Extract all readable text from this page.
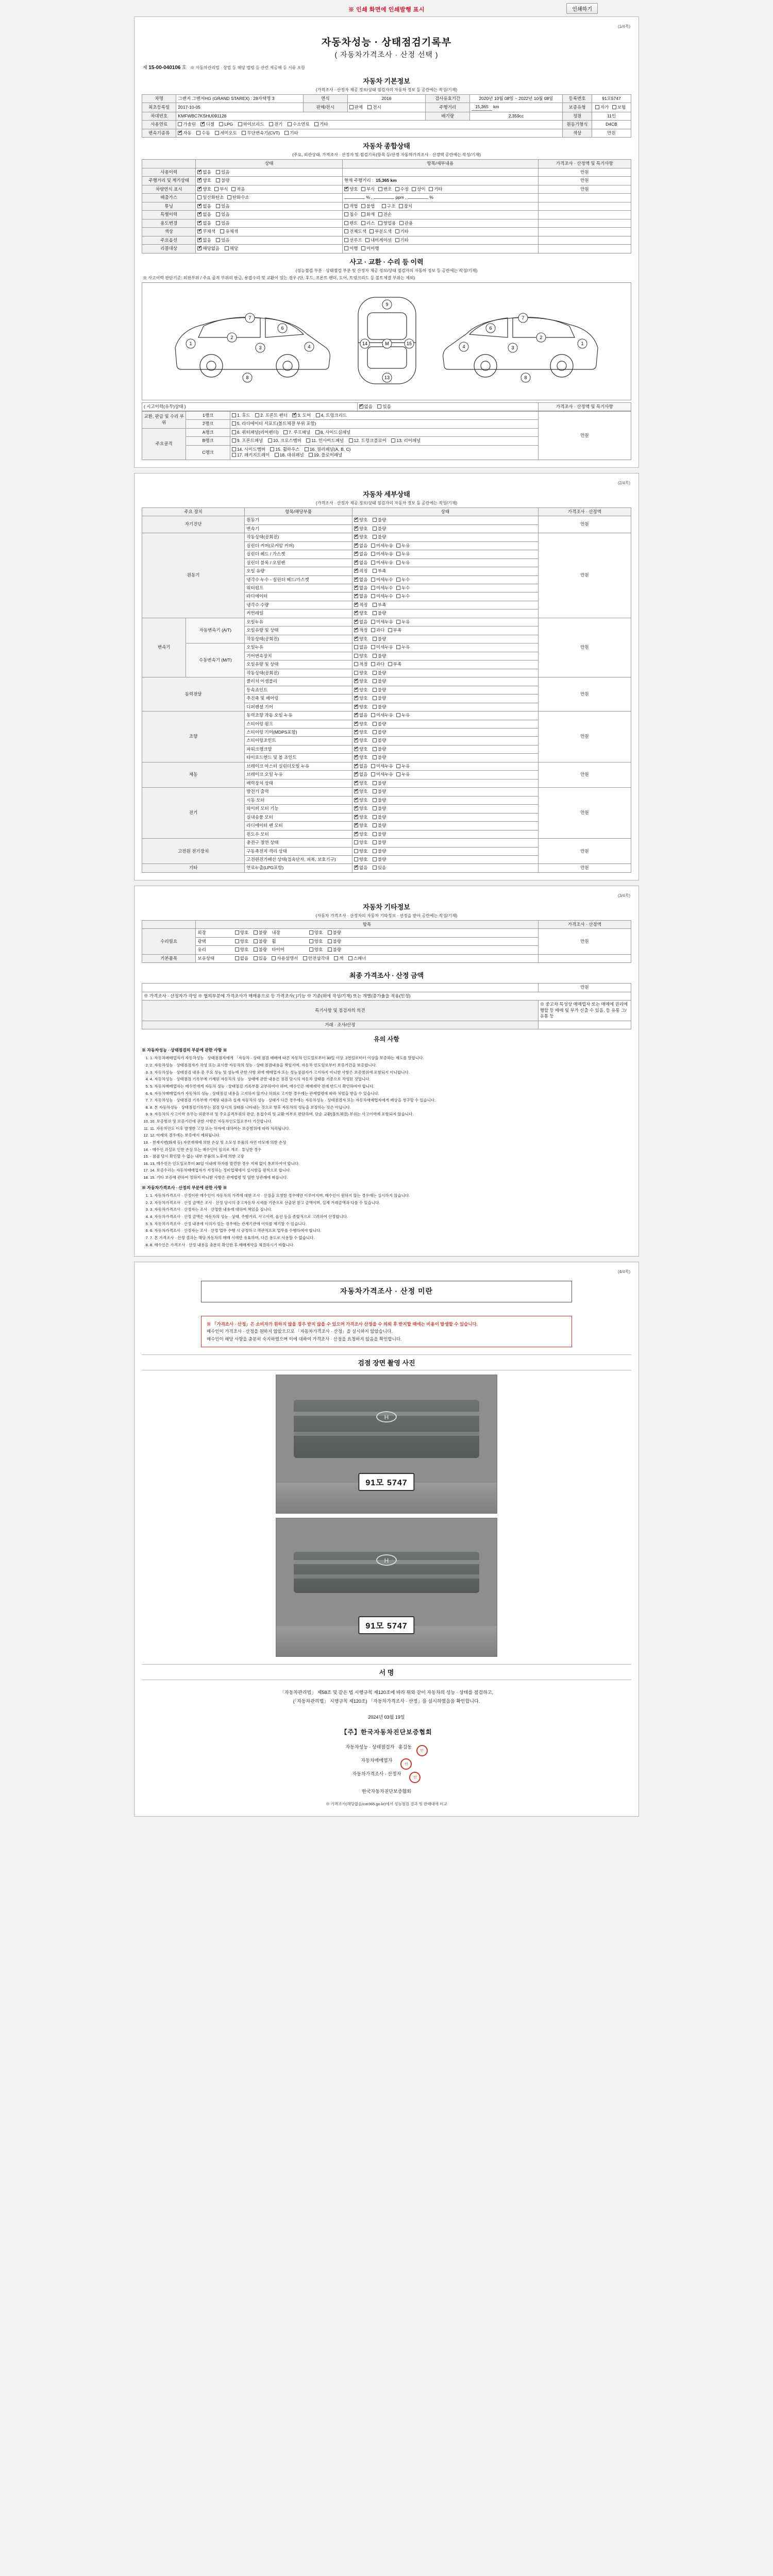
※ 인쇄 화면에 인쇄발행 표시	인쇄하기
(1/4쪽)
자동차성능 · 상태점검기록부
( 자동차가격조사 · 산정 선택 )
제 15-00-040106 호 ※ 자동차관리법 · 상법 등 해당 법령 등 관련 제공해 등 서류 포함
자동차 기본정보
(가격조사 · 산정자 제공 정보/상태 점검자의 자동차 정보 등 공란에는 작성/기재)
차명	그랜저 그랜저HG (GRAND STAREX) : 28자택명 3	연식	2016	검사유효기간	2020년 10월 08일 ~ 2022년 10월 08일	등록번호	91모5747
최초등록일	2017-10-05	판매/전시	판매 전시	주행거리	15,365 km	보증유형	자가 보험
차대번호	KMFWBC7KSHU091128			배기량	2,359cc	정원	11인
사용연료	가솔린 ✔ 디젤 LPG 하이브리드 전기 수소연료 기타					원동기형식	D4CB
변속기종류	✔자동 수동 세미오토 무단변속기(CVT) 기타					색상	만원
자동차 종합상태
(주요, 외관상태, 가격조사 · 산정자 및 점검기록(항목 등/산정 자동차가격조사 · 산정액 공란에는 작성/기재)
	상태	항목/세부내용	가격조사 · 산정액 및 특기사항
사용이력	✔없음 있음		만원
주행거리 및 계기상태	✔양호 불량	현재 주행거리 : 15,365 km	만원
차량연식 표시	✔양호 부식 적음	✔양호 부식 변조 수정 상이 기타	만원
배출가스	일산화탄소 탄화수소	% , ppm , %	
튜닝	✔없음 있음	적법 불법 구조 장치	
특별이력	✔없음 있음	침수 화재 전손	
용도변경	✔없음 있음	렌트 리스 영업용 관용	
색상	✔무채색 유채색	전체도색 부분도색 기타	
주요옵션	✔없음 있음	선루프 내비게이션 기타	
리콜대상	✔해당없음 해당	이행 미이행	
사고 · 교환 · 수리 등 이력
(성능점검 부분 · 상태점검 부분 및 산정자 제공 정보/상태 점검자의 자동차 정보 등 공란에는 작성/기재)
※ 사고이력 판단기준: 외판부위 / 주요 골격 부위의 판금, 용접수리 및 교환이 있는 경우 (단, 후드, 프론트 펜더, 도어, 트렁크리드 등 볼트체결 부위는 제외)
1
2
3	4
7
6
8
9
M
13
14	15	1
2
3
4
7
6
8
( 시고이력(유무)상태 )	✔없음 있음	가격조사 · 산정액 및 특기사항
교환, 판금 및 수리 부위	1랭크	1. 후드 2. 프론트 펜더 ✔ 3. 도어 4. 트렁크리드	만원
	2랭크	5. 라디에이터 서포트(볼트체결 부위 포함)	
주요골격	A랭크	6. 쿼터패널(리어펜더) 7. 루프패널 8. 사이드실패널	
	B랭크	9. 프론트패널 10. 크로스멤버 11. 인사이드패널 12. 트렁크플로어 13. 리어패널	
	C랭크	14. 사이드멤버 15. 휠하우스 16. 필러패널(A, B, C)
17. 패키지트레이 18. 대쉬패널 19. 플로어패널	
(2/4쪽)
자동차 세부상태
(가격조사 · 산정자 제공 정보/상태 점검자의 자동차 정보 등 공란에는 작성/기재)
주요 장치		항목/해당부품	상태	가격조사 · 산정액
자기진단		원동기	✔양호 불량	만원
		변속기	✔양호 불량
원동기		작동상태(공회전)	✔양호 불량	만원
		실린더 커버(로커암 커버)	✔없음 미세누유 누유
		실린더 헤드 / 가스켓	✔없음 미세누유 누유
		실린더 블록 / 오일팬	✔없음 미세누유 누유
		오일 유량	✔적정 부족
		냉각수 누수 - 실린더 헤드/가스켓	✔없음 미세누수 누수
		워터펌프	✔없음 미세누수 누수
		라디에이터	✔없음 미세누수 누수
		냉각수 수량	✔적정 부족
		커먼레일	✔양호 불량
변속기	자동변속기 (A/T)	오일누유	✔없음 미세누유 누유	만원
		오일유량 및 상태	✔적정 과다 부족
		작동상태(공회전)	✔양호 불량
	수동변속기 (M/T)	오일누유	없음 미세누유 누유	
		기어변속장치	양호 불량	
		오일유량 및 상태	적정 과다 부족	
		작동상태(공회전)	양호 불량	
동력전달		클러치 어셈블리	✔양호 불량	만원
		등속죠인트	✔양호 불량
		추진축 및 베어링	✔양호 불량
		디퍼렌셜 기어	✔양호 불량
조향		동력조향 작동 오일 누유	✔없음 미세누유 누유	만원
		스티어링 펌프	✔양호 불량
		스티어링 기어(MDPS포함)	✔양호 불량
		스티어링조인트	✔양호 불량
		파워크랭크암	✔양호 불량
		타이로드엔드 및 볼 조인트	✔양호 불량
제동		브레이크 마스터 실린더오일 누유	✔없음 미세누유 누유	만원
		브레이크 오일 누유	✔없음 미세누유 누유
		배력장치 상태	✔양호 불량
전기		발전기 출력	✔양호 불량	만원
		시동 모터	✔양호 불량
		와이퍼 모터 기능	✔양호 불량
		실내송풍 모터	✔양호 불량
		라디에이터 팬 모터	✔양호 불량
		윈도우 모터	✔양호 불량
고전원 전기장치		충전구 절연 상태	양호 불량	만원
		구동축전지 격리 상태	양호 불량	
		고전원전기배선 상태(접속단자, 피복, 보호기구)	양호 불량	
기타		연료누출(LPG포함)	✔없음 있음	만원
(3/4쪽)
자동차 기타정보
(자동차 가격조사 · 산정자의 자동차 기타정보 · 선정을 받아 공란에는 작성/기재)
	항목	가격조사 · 산정액
수리필요	외장 양호 불량 내장 양호 불량	만원
	광택 양호 불량 휠 양호 불량	
	유리 양호 불량 타이어 양호 불량	
기본품목	보유상태 없음 있음 사용설명서 안전삼각대 잭 스패너	
최종 가격조사 · 산정 금액
	만원
※ 가격조사 · 산정자가 작성 ※ 협의부분에 가격조사가 매매용으로 등 가격조사( )기능 ※ 기준(위에 작성/기재) 또는 개별(증가율을 적용(인정)	
특기사항 및 점검자의 의견	※ 중고차 특성상 매매업자 또는 매매에 권리에 행할 등 매매 및 부가 신출 수 있음, 등 유통 그/유통 등
거래 · 조사/산정	
유의 사항
※ 자동차성능 · 상태점검의 부분에 관한 사항 ※
1. 1. 자동차매매업자가 자동차성능 · 상태점검자에게 「자동차 · 상태 점검 매매에 따른 자동차 인도일로부터 30일 이상, 2천킬로미터 이상을 보증하는 제도를 말합니다.
2. 2. 자동차성능 · 상태점검자가 작성 또는 표시한 자동차의 성능 · 상태 점검내용을 책임지며, 자동차 인도일로부터 보증기간을 보증합니다.
3. 3. 자동차성능 · 상태점검 내용 중 주요 성능 및 성능에 관한 사항 외에 매매업자 또는 성능점검자가 고지하지 아니한 사항은 보증범위에 포함되지 아니합니다.
4. 4. 자동차성능 · 상태점검 기록부에 기재된 자동차의 성능 · 상태에 관한 내용은 점검 당시의 자동차 상태를 기준으로 작성된 것입니다.
5. 5. 자동차매매업자는 매수인에게 자동차 성능 · 상태점검 기록부를 교부하여야 하며, 매수인은 매매계약 전에 반드시 확인하여야 합니다.
6. 6. 자동차매매업자가 자동차의 성능 · 상태점검 내용을 고지하지 않거나 허위로 고지한 경우에는 관계법령에 따라 처벌을 받을 수 있습니다.
7. 7. 자동차성능 · 상태점검 기록부에 기재된 내용과 실제 자동차의 성능 · 상태가 다른 경우에는 자동차성능 · 상태점검자 또는 자동차매매업자에게 배상을 청구할 수 있습니다.
8. 8. 본 자동차성능 · 상태점검기록부는 점검 당시의 상태를 나타내는 것으로 향후 자동차의 성능을 보장하는 것은 아닙니다.
9. 9. 자동차의 사고이력 유무는 외판부위 및 주요골격부위의 판금, 용접수리 및 교환 여부로 판단하며, 단순 교환(볼트체결) 부위는 사고이력에 포함되지 않습니다.
10. 10. 보증범위 및 보증기간에 관한 사항은 자동차인도일로부터 기산합니다.
11. 11. 자동차인도 이후 발생한 고장 또는 하자에 대하여는 보증범위에 따라 처리됩니다.
12. 12. 아래의 경우에는 보증에서 제외됩니다.
13. - 천재지변(화재 등) 자연재해에 의한 손상 및 소모성 부품의 자연 마모에 의한 손상
14. - 매수인 과실로 인한 손상 또는 매수인이 임의로 개조 · 튜닝한 경우
15. - 점검 당시 확인할 수 없는 내부 부품의 노후에 의한 고장
16. 13. 매수인은 인도일로부터 30일 이내에 하자를 발견한 경우 지체 없이 통보하여야 합니다.
17. 14. 보증수리는 자동차매매업자가 지정하는 정비업체에서 실시함을 원칙으로 합니다.
18. 15. 기타 보증에 관하여 정하지 아니한 사항은 관계법령 및 일반 상관례에 따릅니다.
※ 자동차가격조사 · 산정의 부분에 관한 사항 ※
1. 1. 자동차가격조사 · 산정이란 매수인이 자동차의 가격에 대한 조사 · 산정을 요청한 경우에만 이루어지며, 매수인이 원하지 않는 경우에는 실시하지 않습니다.
2. 2. 자동차가격조사 · 산정 금액은 조사 · 산정 당시의 중고자동차 시세를 기준으로 산출된 참고 금액이며, 실제 거래금액과 다를 수 있습니다.
3. 3. 자동차가격조사 · 산정자는 조사 · 산정한 내용에 대하여 책임을 집니다.
4. 4. 자동차가격조사 · 산정 금액은 자동차의 성능 · 상태, 주행거리, 사고이력, 옵션 등을 종합적으로 고려하여 산정합니다.
5. 5. 자동차가격조사 · 산정 내용에 이의가 있는 경우에는 관계기관에 이의를 제기할 수 있습니다.
6. 6. 자동차가격조사 · 산정자는 조사 · 산정 업무 수행 시 공정하고 객관적으로 업무를 수행하여야 합니다.
7. 7. 본 가격조사 · 산정 결과는 해당 자동차의 매매 시에만 유효하며, 다른 용도로 사용할 수 없습니다.
8. 8. 매수인은 가격조사 · 산정 내용을 충분히 확인한 후 매매계약을 체결하시기 바랍니다.
(4/4쪽)
자동차가격조사 · 산정 미란
※ 「가격조사 · 산정」은 소비자가 원하지 않을 경우 받지 않을 수 있으며 가격조사 산정을 수 의뢰 후 받지할 때에는 비용이 발생할 수 있습니다.
매수인이 가격조사 · 산정을 원하지 않았으므로 「자동차가격조사 · 산정」을 실시하지 않았습니다.
매수인이 해당 사항을 충분히 숙지하였으며 이에 대하여 가격조사 · 산정을 요청하지 않음을 확인합니다.
검점 장면 촬영 사진
H
91모 5747
H
91모 5747
서 명
「자동차관리법」 제58조 및 같은 법 시행규칙 제120조에 따라 위와 같이 자동차의 성능 · 상태를 점검하고,
(「자동차관리법」 시행규칙 제120조) 「자동차가격조사 · 산정」을 실시하였음을 확인합니다.
2024년 03월 19일
【주】한국자동차진단보증협회
자동차성능 · 상태점검자 홍길동 인
자동차매매업자    인
자동차가격조사 · 산정자    인
한국자동차진단보증협회
※ 가격조사(해당없음/car365.go.kr)에서 성능점검 결과 및 판매대에 비교
